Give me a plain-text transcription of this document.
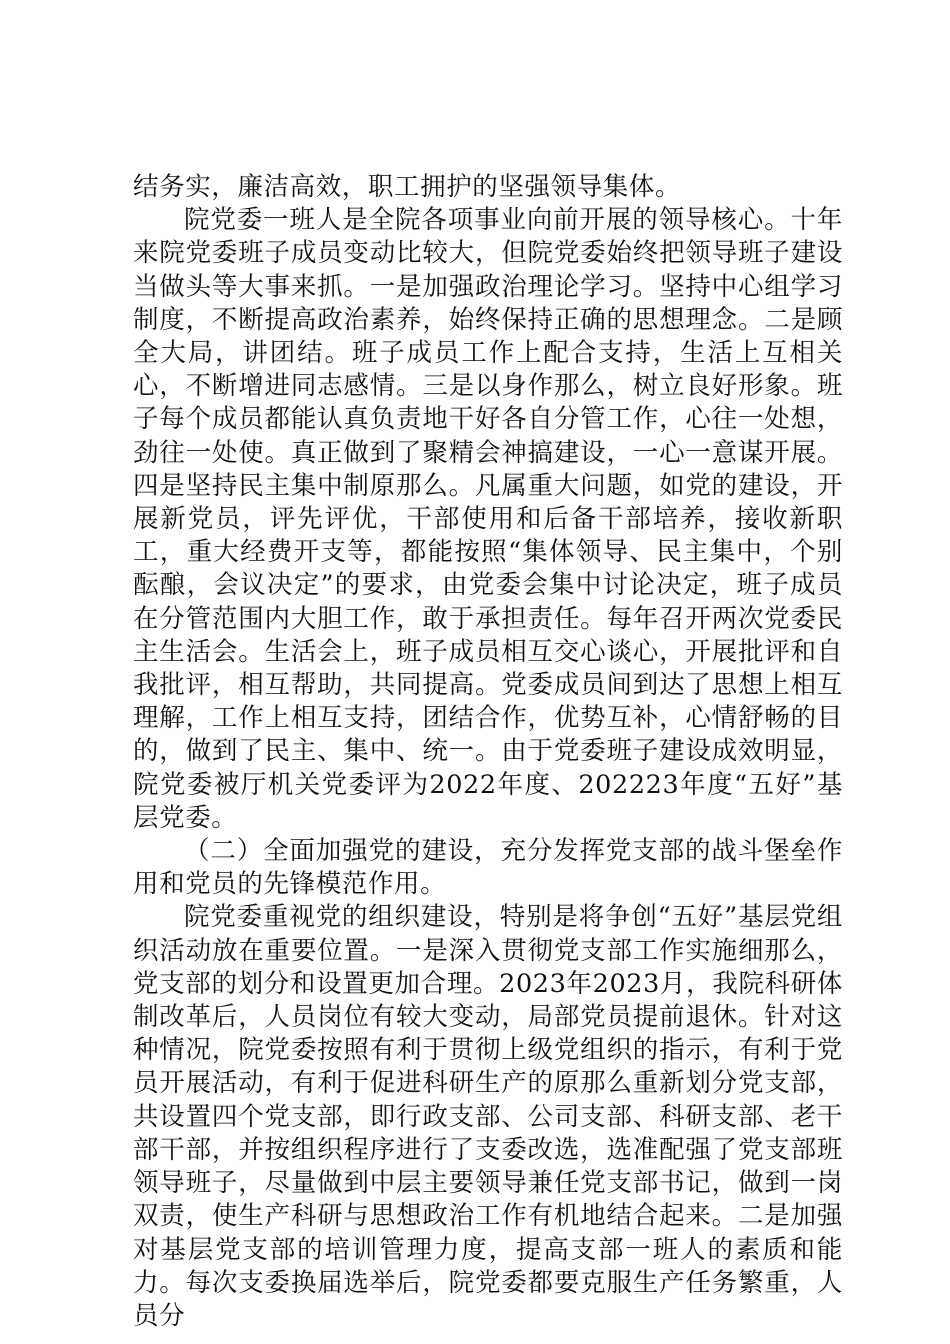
结务实，廉洁高效，职工拥护的坚强领导集体。

院党委一班人是全院各项事业向前开展的领导核心。十年来院党委班子成员变动比较大，但院党委始终把领导班子建设当做头等大事来抓。一是加强政治理论学习。坚持中心组学习制度，不断提高政治素养，始终保持正确的思想理念。二是顾全大局，讲团结。班子成员工作上配合支持，生活上互相关心，不断增进同志感情。三是以身作那么，树立良好形象。班子每个成员都能认真负责地干好各自分管工作，心往一处想，劲往一处使。真正做到了聚精会神搞建设，一心一意谋开展。四是坚持民主集中制原那么。凡属重大问题，如党的建设，开展新党员，评先评优，干部使用和后备干部培养，接收新职工，重大经费开支等，都能按照“集体领导、民主集中，个别酝酿，会议决定”的要求，由党委会集中讨论决定，班子成员在分管范围内大胆工作，敢于承担责任。每年召开两次党委民主生活会。生活会上，班子成员相互交心谈心，开展批评和自我批评，相互帮助，共同提高。党委成员间到达了思想上相互理解，工作上相互支持，团结合作，优势互补，心情舒畅的目的，做到了民主、集中、统一。由于党委班子建设成效明显，院党委被厅机关党委评为2022年度、202223年度“五好”基层党委。

（二）全面加强党的建设，充分发挥党支部的战斗堡垒作用和党员的先锋模范作用。

院党委重视党的组织建设，特别是将争创“五好”基层党组织活动放在重要位置。一是深入贯彻党支部工作实施细那么，党支部的划分和设置更加合理。2023年2023月，我院科研体制改革后，人员岗位有较大变动，局部党员提前退休。针对这种情况，院党委按照有利于贯彻上级党组织的指示，有利于党员开展活动，有利于促进科研生产的原那么重新划分党支部，共设置四个党支部，即行政支部、公司支部、科研支部、老干部干部，并按组织程序进行了支委改选，选准配强了党支部班领导班子，尽量做到中层主要领导兼任党支部书记，做到一岗双责，使生产科研与思想政治工作有机地结合起来。二是加强对基层党支部的培训管理力度，提高支部一班人的素质和能力。每次支委换届选举后，院党委都要克服生产任务繁重，人员分
